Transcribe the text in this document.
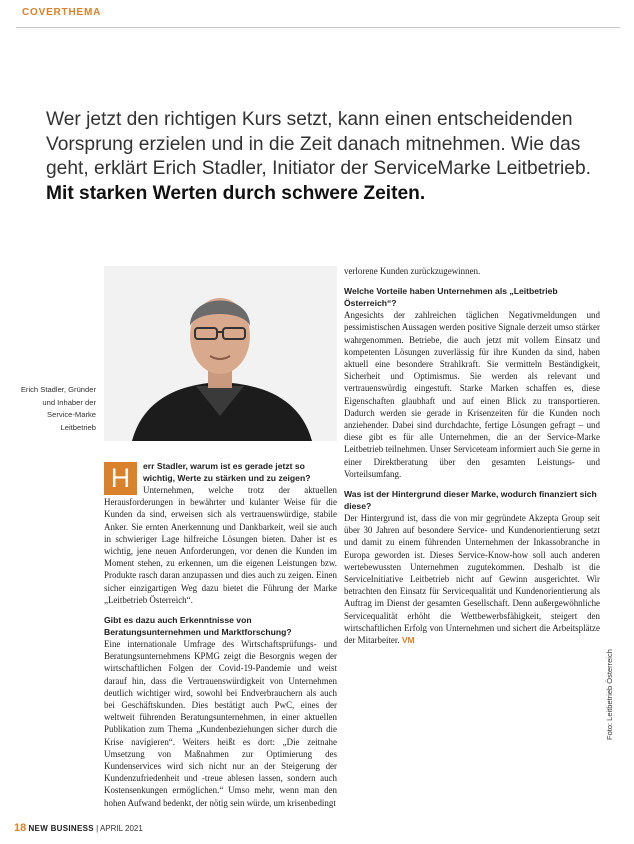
COVERTHEMA

Wer jetzt den richtigen Kurs setzt, kann einen entscheidenden Vorsprung erzielen und in die Zeit danach mitnehmen. Wie das geht, erklärt Erich Stadler, Initiator der ServiceMarke Leitbetrieb.

Mit starken Werten durch schwere Zeiten.

Erich Stadler, Gründer und Inhaber der Service-Marke Leitbetrieb
H	err Stadler, warum ist es gerade jetzt so wichtig, Werte zu stärken und zu zeigen?

Unternehmen, welche trotz der aktuellen Herausforderungen in bewährter und kulanter Weise für die Kunden da sind, erweisen sich als vertrauenswürdige, stabile Anker. Sie ernten Anerkennung und Dankbarkeit, weil sie auch in schwieriger Lage hilfreiche Lösungen bieten. Daher ist es wichtig, jene neuen Anforderungen, vor denen die Kunden im Moment stehen, zu erkennen, um die eigenen Leistungen bzw. Produkte rasch daran anzupassen und dies auch zu zeigen. Einen sicher einzigartigen Weg dazu bietet die Führung der Marke „Leitbetrieb Österreich“.

Gibt es dazu auch Erkenntnisse von Beratungsunternehmen und Marktforschung?

Eine internationale Umfrage des Wirtschaftsprüfungs- und Beratungsunternehmens KPMG zeigt die Besorgnis wegen der wirtschaftlichen Folgen der Covid-19-Pandemie und weist darauf hin, dass die Vertrauenswürdigkeit von Unternehmen deutlich wichtiger wird, sowohl bei Endverbrauchern als auch bei Geschäftskunden. Dies bestätigt auch PwC, eines der weltweit führenden Beratungsunternehmen, in einer aktuellen Publikation zum Thema „Kundenbeziehungen sicher durch die Krise navigieren“. Weiters heißt es dort: „Die zeitnahe Umsetzung von Maßnahmen zur Optimierung des Kundenservices wird sich nicht nur an der Steigerung der Kundenzufriedenheit und -treue ablesen lassen, sondern auch Kostensenkungen ermöglichen.“ Umso mehr, wenn man den hohen Aufwand bedenkt, der nötig sein würde, um krisenbedingt

verlorene Kunden zurückzugewinnen.

Welche Vorteile haben Unternehmen als „Leitbetrieb Österreich“?

Angesichts der zahlreichen täglichen Negativmeldungen und pessimistischen Aussagen werden positive Signale derzeit umso stärker wahrgenommen. Betriebe, die auch jetzt mit vollem Einsatz und kompetenten Lösungen zuverlässig für ihre Kunden da sind, haben aktuell eine besondere Strahlkraft. Sie vermitteln Beständigkeit, Sicherheit und Optimismus. Sie werden als relevant und vertrauenswürdig eingestuft. Starke Marken schaffen es, diese Eigenschaften glaubhaft und auf einen Blick zu transportieren. Dadurch werden sie gerade in Krisenzeiten für die Kunden noch anziehender. Dabei sind durchdachte, fertige Lösungen gefragt – und diese gibt es für alle Unternehmen, die an der Service-Marke Leitbetrieb teilnehmen. Unser Serviceteam informiert auch Sie gerne in einer Direktberatung über den gesamten Leistungs- und Vorteilsumfang.

Was ist der Hintergrund dieser Marke, wodurch finanziert sich diese?

Der Hintergrund ist, dass die von mir gegründete Akzepta Group seit über 30 Jahren auf besondere Service- und Kundenorientierung setzt und damit zu einem führenden Unternehmen der Inkassobranche in Europa geworden ist. Dieses Service-Know-how soll auch anderen wertebewussten Unternehmen zugutekommen. Deshalb ist die ServiceInitiative Leitbetrieb nicht auf Gewinn ausgerichtet. Wir betrachten den Einsatz für Servicequalität und Kundenorientierung als Auftrag im Dienst der gesamten Gesellschaft. Denn außergewöhnliche Servicequalität erhöht die Wettbewerbsfähigkeit, steigert den wirtschaftlichen Erfolg von Unternehmen und sichert die Arbeitsplätze der Mitarbeiter. VM

Foto: Leitbetrieb Österreich
18 NEW BUSINESS | APRIL 2021
